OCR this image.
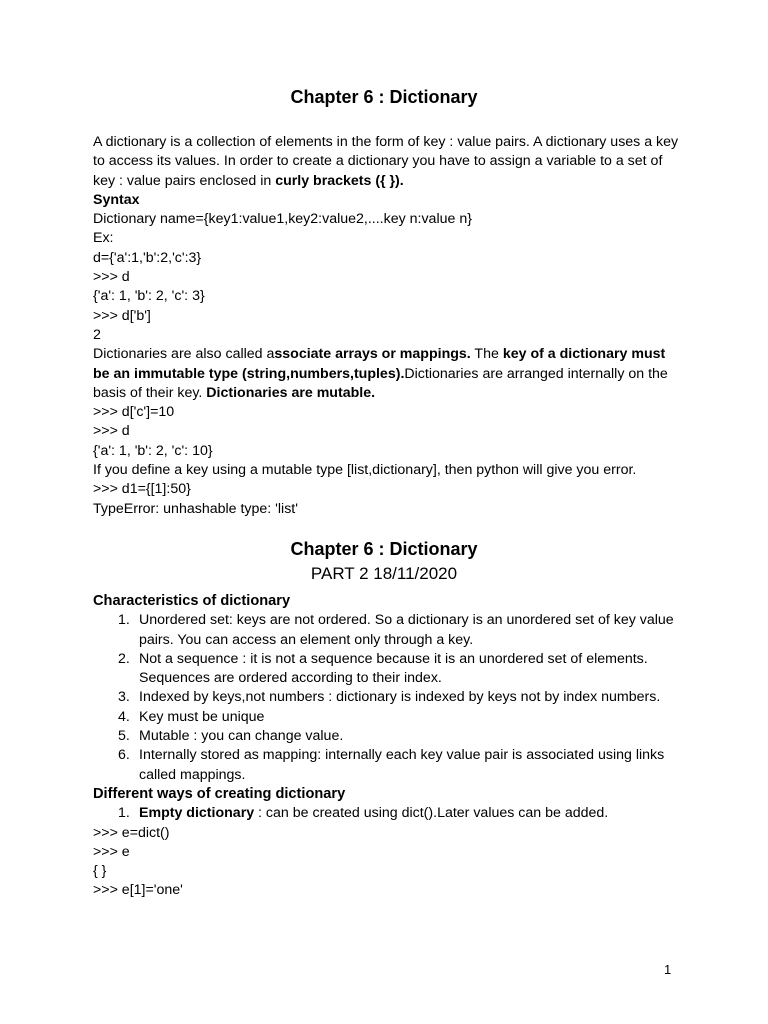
Chapter 6 : Dictionary
A dictionary is a collection of elements in the form of key : value pairs. A dictionary uses a key to access its values. In order to create a dictionary you have to assign a variable to a set of key : value pairs enclosed in curly brackets ({ }).
Syntax
Dictionary name={key1:value1,key2:value2,....key n:value n}
Ex:
d={'a':1,'b':2,'c':3}
>>> d
{'a': 1, 'b': 2, 'c': 3}
>>> d['b']
2
Dictionaries are also called associate arrays or mappings. The key of a dictionary must be an immutable type (string,numbers,tuples).Dictionaries are arranged internally on the basis of their key. Dictionaries are mutable.
>>> d['c']=10
>>> d
{'a': 1, 'b': 2, 'c': 10}
If you define a key using a mutable type [list,dictionary], then python will give you error.
>>> d1={[1]:50}
TypeError: unhashable type: 'list'
Chapter 6 : Dictionary
PART 2 18/11/2020
Characteristics of dictionary
1. Unordered set: keys are not ordered. So a dictionary is an unordered set of key value pairs. You can access an element only through a key.
2. Not a sequence : it is not a sequence because it is an unordered set of elements. Sequences are ordered according to their index.
3. Indexed by keys,not numbers : dictionary is indexed by keys not by index numbers.
4. Key must be unique
5. Mutable : you can change value.
6. Internally stored as mapping: internally each key value pair is associated using links called mappings.
Different ways of creating dictionary
1. Empty dictionary : can be created using dict().Later values can be added.
>>> e=dict()
>>> e
{ }
>>> e[1]='one'
1
